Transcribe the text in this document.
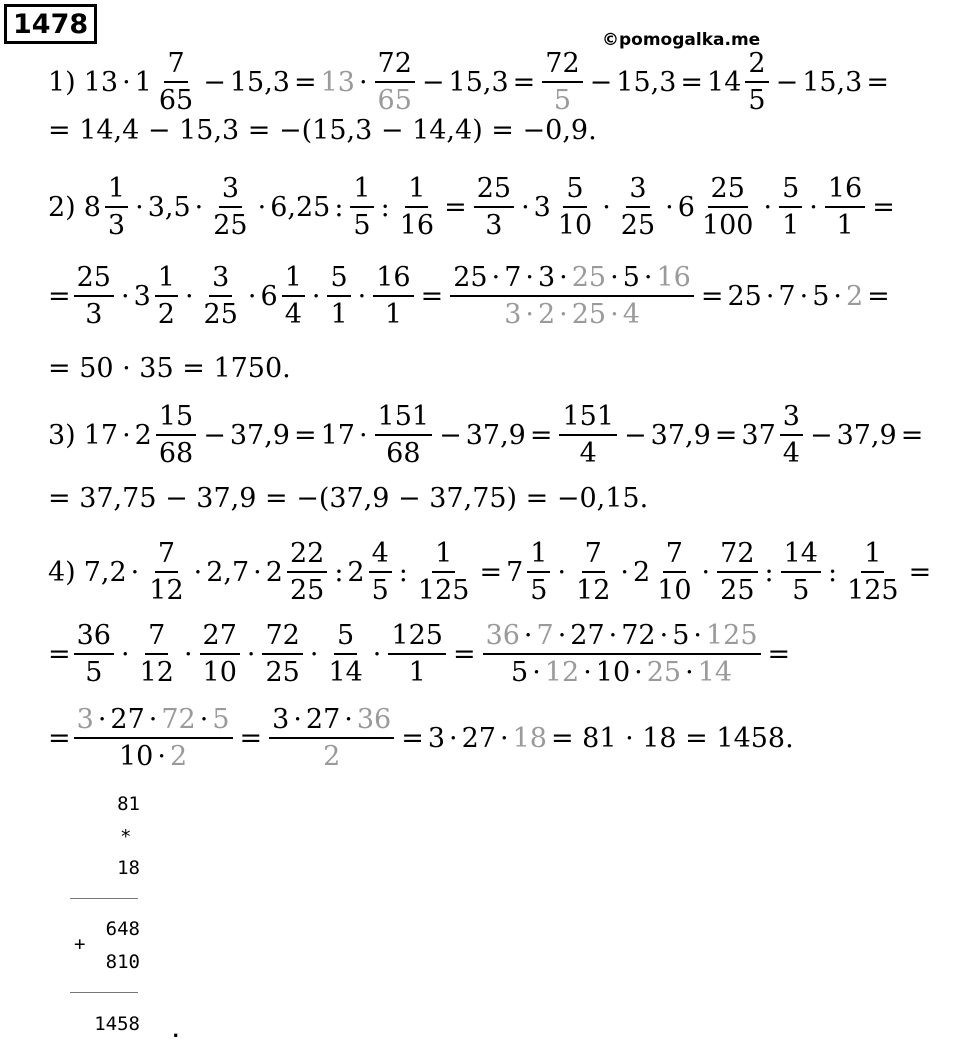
1478	©pomogalka.me
1) $13 \cdot 1 \frac{7}{65} - 15,3 = 13 \cdot \frac{72}{65} - 15,3 = \frac{72}{5} - 15,3 = 14 \frac{2}{5} - 15,3$ =
= 14,4 − 15,3 = −(15,3 − 14,4) = −0,9.
2) $8 \frac{1}{3} \cdot 3,5 \cdot \frac{3}{25} \cdot 6,25$ : $\frac{1}{5}$ : $\frac{1}{16} = \frac{25}{3} \cdot 3 \frac{5}{10} \cdot \frac{3}{25} \cdot 6 \frac{25}{100} \cdot \frac{5}{1} \cdot \frac{16}{1}$ =
= $\frac{25}{3} \cdot 3 \frac{1}{2} \cdot \frac{3}{25} \cdot 6 \frac{1}{4} \cdot \frac{5}{1} \cdot \frac{16}{1} = \frac{25 \cdot 7 \cdot 3 \cdot 25 \cdot 5 \cdot 16}{3 \cdot 2 \cdot 25 \cdot 4} = 25 \cdot 7 \cdot 5 \cdot 2$ =
= 50 · 35 = 1750.
3) $17 \cdot 2 \frac{15}{68} - 37,9 = 17 \cdot \frac{151}{68} - 37,9 = \frac{151}{4} - 37,9 = 37 \frac{3}{4} - 37,9$ =
= 37,75 − 37,9 = −(37,9 − 37,75) = −0,15.
4) $7,2 \cdot \frac{7}{12} \cdot 2,7 \cdot 2 \frac{22}{25}$ : $2 \frac{4}{5}$ : $\frac{1}{125} = 7 \frac{1}{5} \cdot \frac{7}{12} \cdot 2 \frac{7}{10} \cdot \frac{72}{25}$ : $\frac{14}{5}$ : $\frac{1}{125}$ =
= $\frac{36}{5} \cdot \frac{7}{12} \cdot \frac{27}{10} \cdot \frac{72}{25} \cdot \frac{5}{14} \cdot \frac{125}{1} = \frac{36 \cdot 7 \cdot 27 \cdot 72 \cdot 5 \cdot 125}{5 \cdot 12 \cdot 10 \cdot 25 \cdot 14}$ =
= $\frac{3 \cdot 27 \cdot 72 \cdot 5}{10 \cdot 2} = \frac{3 \cdot 27 \cdot 36}{2} = 3 \cdot 27 \cdot 18 = 81 \cdot 18 = 1458$.
81
*
18
648
+
810
1458 .
